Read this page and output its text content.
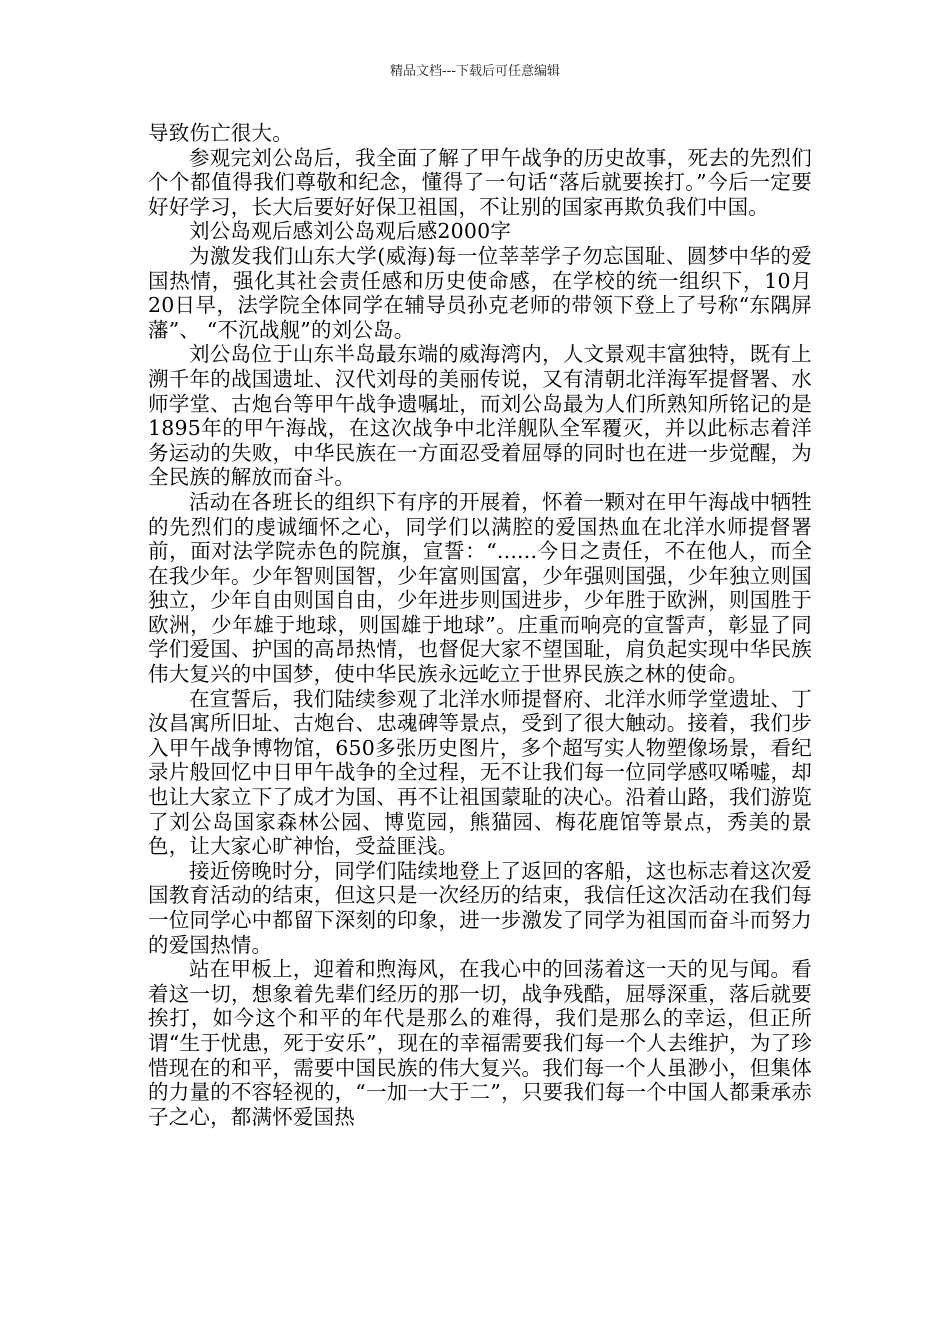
精品文档---下载后可任意编辑

导致伤亡很大。

参观完刘公岛后，我全面了解了甲午战争的历史故事，死去的先烈们个个都值得我们尊敬和纪念，懂得了一句话“落后就要挨打。”今后一定要好好学习，长大后要好好保卫祖国，不让别的国家再欺负我们中国。

刘公岛观后感刘公岛观后感2000字

为激发我们山东大学(威海)每一位莘莘学子勿忘国耻、圆梦中华的爱国热情，强化其社会责任感和历史使命感，在学校的统一组织下，10月20日早，法学院全体同学在辅导员孙克老师的带领下登上了号称“东隅屏藩”、 “不沉战舰”的刘公岛。

刘公岛位于山东半岛最东端的威海湾内，人文景观丰富独特，既有上溯千年的战国遗址、汉代刘母的美丽传说，又有清朝北洋海军提督署、水师学堂、古炮台等甲午战争遗嘱址，而刘公岛最为人们所熟知所铭记的是1895年的甲午海战，在这次战争中北洋舰队全军覆灭，并以此标志着洋务运动的失败，中华民族在一方面忍受着屈辱的同时也在进一步觉醒，为全民族的解放而奋斗。

活动在各班长的组织下有序的开展着，怀着一颗对在甲午海战中牺牲的先烈们的虔诚缅怀之心，同学们以满腔的爱国热血在北洋水师提督署前，面对法学院赤色的院旗，宣誓：“......今日之责任，不在他人，而全在我少年。少年智则国智，少年富则国富，少年强则国强，少年独立则国独立，少年自由则国自由，少年进步则国进步，少年胜于欧洲，则国胜于欧洲，少年雄于地球，则国雄于地球”。庄重而响亮的宣誓声，彰显了同学们爱国、护国的高昂热情，也督促大家不望国耻，肩负起实现中华民族伟大复兴的中国梦，使中华民族永远屹立于世界民族之林的使命。

在宣誓后，我们陆续参观了北洋水师提督府、北洋水师学堂遗址、丁汝昌寓所旧址、古炮台、忠魂碑等景点，受到了很大触动。接着，我们步入甲午战争博物馆，650多张历史图片，多个超写实人物塑像场景，看纪录片般回忆中日甲午战争的全过程，无不让我们每一位同学感叹唏嘘，却也让大家立下了成才为国、再不让祖国蒙耻的决心。沿着山路，我们游览了刘公岛国家森林公园、博览园，熊猫园、梅花鹿馆等景点，秀美的景色，让大家心旷神怡，受益匪浅。

接近傍晚时分，同学们陆续地登上了返回的客船，这也标志着这次爱国教育活动的结束，但这只是一次经历的结束，我信任这次活动在我们每一位同学心中都留下深刻的印象，进一步激发了同学为祖国而奋斗而努力的爱国热情。

站在甲板上，迎着和煦海风，在我心中的回荡着这一天的见与闻。看着这一切，想象着先辈们经历的那一切，战争残酷，屈辱深重，落后就要挨打，如今这个和平的年代是那么的难得，我们是那么的幸运，但正所谓“生于忧患，死于安乐”，现在的幸福需要我们每一个人去维护，为了珍惜现在的和平，需要中国民族的伟大复兴。我们每一个人虽渺小，但集体的力量的不容轻视的，“一加一大于二”，只要我们每一个中国人都秉承赤子之心，都满怀爱国热
